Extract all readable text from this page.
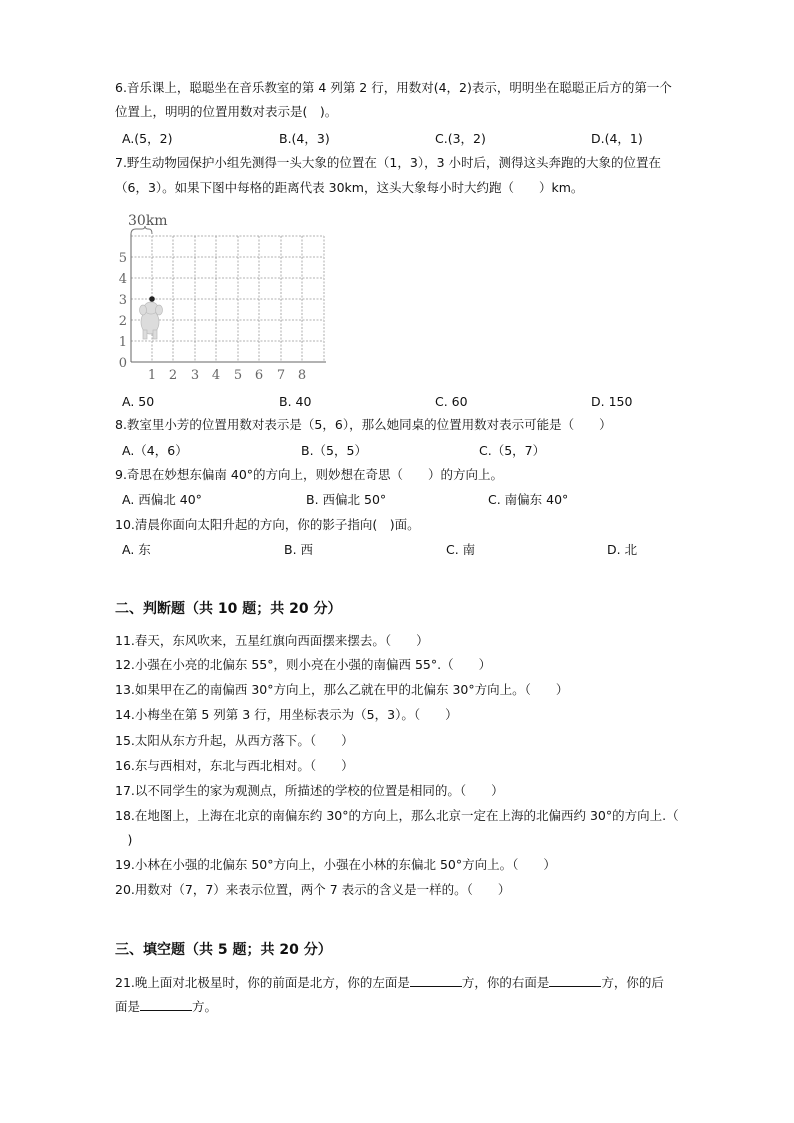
6.音乐课上，聪聪坐在音乐教室的第 4 列第 2 行，用数对(4，2)表示，明明坐在聪聪正后方的第一个
位置上，明明的位置用数对表示是(　)。
A.(5，2)	B.(4，3)	C.(3，2)	D.(4，1)
7.野生动物园保护小组先测得一头大象的位置在（1，3），3 小时后，测得这头奔跑的大象的位置在
（6，3）。如果下图中每格的距离代表 30km，这头大象每小时大约跑（　　）km。
30km
0
1
2
3
4
5
1 2 3 4 5 6 7 8
A. 50	B. 40	C. 60	D. 150
8.教室里小芳的位置用数对表示是（5，6），那么她同桌的位置用数对表示可能是（　　）
A.（4，6）	B.（5，5）	C.（5，7）
9.奇思在妙想东偏南 40°的方向上，则妙想在奇思（　　）的方向上。
A. 西偏北 40°	B. 西偏北 50°	C. 南偏东 40°
10.清晨你面向太阳升起的方向，你的影子指向(　)面。
A. 东	B. 西	C. 南	D. 北
二、判断题（共 10 题；共 20 分）
11.春天，东风吹来，五星红旗向西面摆来摆去。（　　）
12.小强在小亮的北偏东 55°，则小亮在小强的南偏西 55°.（　　）
13.如果甲在乙的南偏西 30°方向上，那么乙就在甲的北偏东 30°方向上。（　　）
14.小梅坐在第 5 列第 3 行，用坐标表示为（5，3）。（　　）
15.太阳从东方升起，从西方落下。（　　）
16.东与西相对，东北与西北相对。（　　）
17.以不同学生的家为观测点，所描述的学校的位置是相同的。（　　）
18.在地图上，上海在北京的南偏东约 30°的方向上，那么北京一定在上海的北偏西约 30°的方向上.（
　)
19.小林在小强的北偏东 50°方向上，小强在小林的东偏北 50°方向上。（　　）
20.用数对（7，7）来表示位置，两个 7 表示的含义是一样的。（　　）
三、填空题（共 5 题；共 20 分）
21.晚上面对北极星时，你的前面是北方，你的左面是	方，你的右面是	方，你的后
面是	方。
